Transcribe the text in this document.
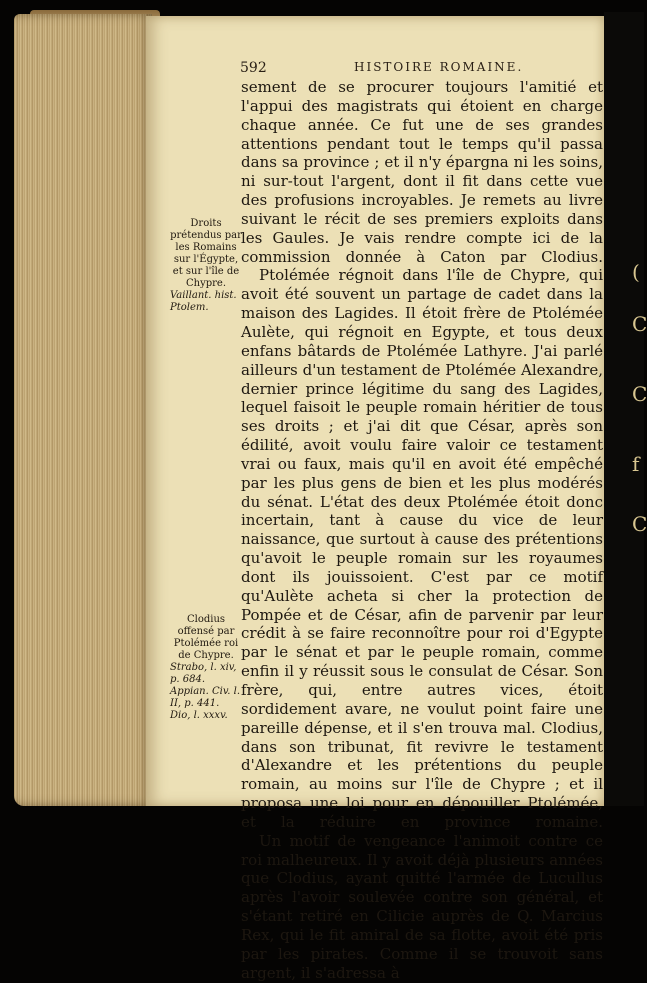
(
C
C
f
C
592	HISTOIRE ROMAINE.

sement de se procurer toujours l'amitié et l'appui des magistrats qui étoient en charge chaque année. Ce fut une de ses grandes attentions pendant tout le temps qu'il passa dans sa province ; et il n'y épargna ni les soins, ni sur-tout l'argent, dont il fit dans cette vue des profusions incroyables. Je remets au livre suivant le récit de ses premiers exploits dans les Gaules. Je vais rendre compte ici de la commission donnée à Caton par Clodius.

Ptolémée régnoit dans l'île de Chypre, qui avoit été souvent un partage de cadet dans la maison des Lagides. Il étoit frère de Ptolémée Aulète, qui régnoit en Egypte, et tous deux enfans bâtards de Ptolémée Lathyre. J'ai parlé ailleurs d'un testament de Ptolémée Alexandre, dernier prince légitime du sang des Lagides, lequel faisoit le peuple romain héritier de tous ses droits ; et j'ai dit que César, après son édilité, avoit voulu faire valoir ce testament vrai ou faux, mais qu'il en avoit été empêché par les plus gens de bien et les plus modérés du sénat. L'état des deux Ptolémée étoit donc incertain, tant à cause du vice de leur naissance, que surtout à cause des prétentions qu'avoit le peuple romain sur les royaumes dont ils jouissoient. C'est par ce motif qu'Aulète acheta si cher la protection de Pompée et de César, afin de parvenir par leur crédit à se faire reconnoître pour roi d'Egypte par le sénat et par le peuple romain, comme enfin il y réussit sous le consulat de César. Son frère, qui, entre autres vices, étoit sordidement avare, ne voulut point faire une pareille dépense, et il s'en trouva mal. Clodius, dans son tribunat, fit revivre le testament d'Alexandre et les prétentions du peuple romain, au moins sur l'île de Chypre ; et il proposa une loi pour en dépouiller Ptolémée, et la réduire en province romaine.

Un motif de vengeance l'animoit contre ce roi malheureux. Il y avoit déjà plusieurs années que Clodius, ayant quitté l'armée de Lucullus après l'avoir soulevée contre son général, et s'étant retiré en Cilicie auprès de Q. Marcius Rex, qui le fit amiral de sa flotte, avoit été pris par les pirates. Comme il se trouvoit sans argent, il s'adressa à

Droits prétendus par les Romains sur l'Égypte, et sur l'île de Chypre.

Vaillant. hist. Ptolem.

Clodius offensé par Ptolémée roi de Chypre.

Strabo, l. xiv, p. 684. Appian. Civ. l. II, p. 441. Dio, l. xxxv.
